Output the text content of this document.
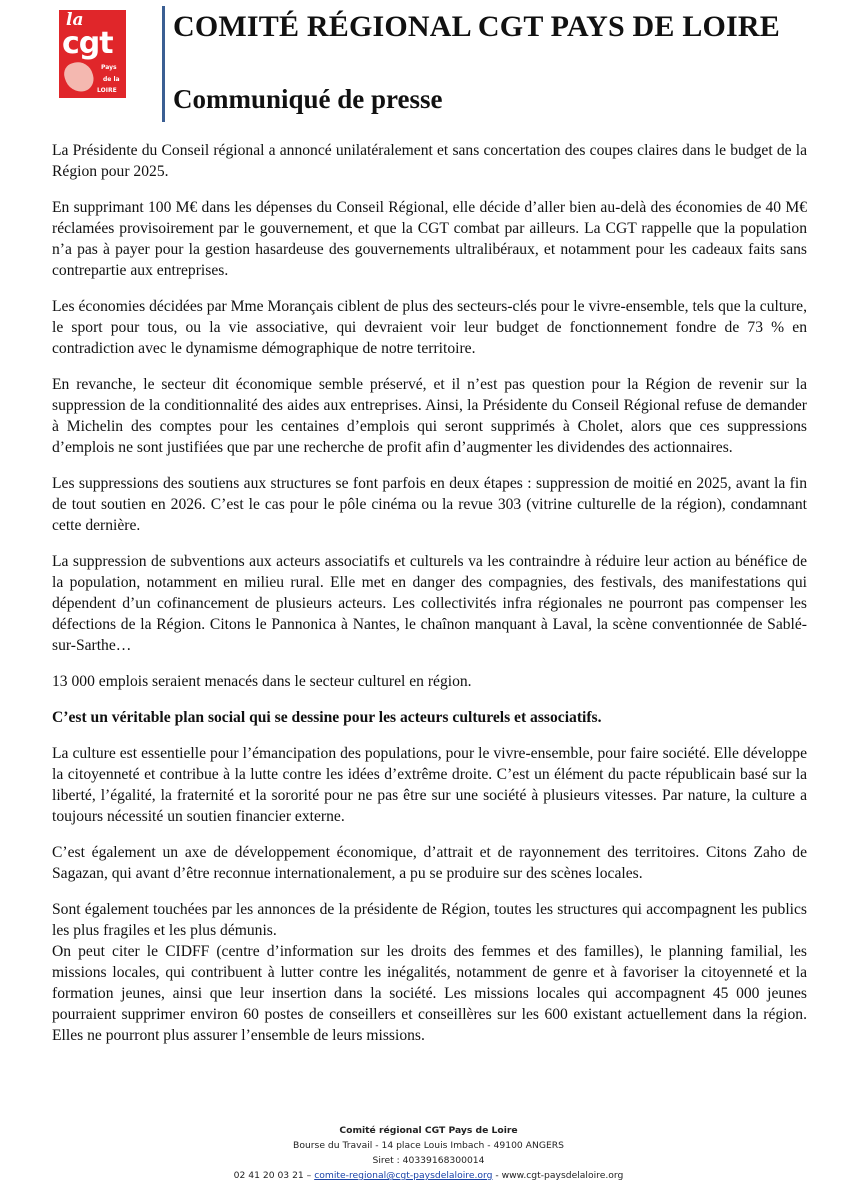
la
cgt
Pays
de la
LOIRE
COMITÉ RÉGIONAL CGT PAYS DE LOIRE
Communiqué de presse

La Présidente du Conseil régional a annoncé unilatéralement et sans concertation des coupes claires dans le budget de la Région pour 2025.

En supprimant 100 M€ dans les dépenses du Conseil Régional, elle décide d’aller bien au-delà des économies de 40 M€ réclamées provisoirement par le gouvernement, et que la CGT combat par ailleurs. La CGT rappelle que la population n’a pas à payer pour la gestion hasardeuse des gouvernements ultralibéraux, et notamment pour les cadeaux faits sans contrepartie aux entreprises.

Les économies décidées par Mme Morançais ciblent de plus des secteurs-clés pour le vivre-ensemble, tels que la culture, le sport pour tous, ou la vie associative, qui devraient voir leur budget de fonctionnement fondre de 73 % en contradiction avec le dynamisme démographique de notre territoire.

En revanche, le secteur dit économique semble préservé, et il n’est pas question pour la Région de revenir sur la suppression de la conditionnalité des aides aux entreprises. Ainsi, la Présidente du Conseil Régional refuse de demander à Michelin des comptes pour les centaines d’emplois qui seront supprimés à Cholet, alors que ces suppressions d’emplois ne sont justifiées que par une recherche de profit afin d’augmenter les dividendes des actionnaires.

Les suppressions des soutiens aux structures se font parfois en deux étapes : suppression de moitié en 2025, avant la fin de tout soutien en 2026. C’est le cas pour le pôle cinéma ou la revue 303 (vitrine culturelle de la région), condamnant cette dernière.

La suppression de subventions aux acteurs associatifs et culturels va les contraindre à réduire leur action au bénéfice de la population, notamment en milieu rural. Elle met en danger des compagnies, des festivals, des manifestations qui dépendent d’un cofinancement de plusieurs acteurs. Les collectivités infra régionales ne pourront pas compenser les défections de la Région. Citons le Pannonica à Nantes, le chaînon manquant à Laval, la scène conventionnée de Sablé-sur-Sarthe…

13 000 emplois seraient menacés dans le secteur culturel en région.

C’est un véritable plan social qui se dessine pour les acteurs culturels et associatifs.

La culture est essentielle pour l’émancipation des populations, pour le vivre-ensemble, pour faire société. Elle développe la citoyenneté et contribue à la lutte contre les idées d’extrême droite. C’est un élément du pacte républicain basé sur la liberté, l’égalité, la fraternité et la sororité pour ne pas être sur une société à plusieurs vitesses. Par nature, la culture a toujours nécessité un soutien financier externe.

C’est également un axe de développement économique, d’attrait et de rayonnement des territoires. Citons Zaho de Sagazan, qui avant d’être reconnue internationalement, a pu se produire sur des scènes locales.

Sont également touchées par les annonces de la présidente de Région, toutes les structures qui accompagnent les publics les plus fragiles et les plus démunis.

On peut citer le CIDFF (centre d’information sur les droits des femmes et des familles), le planning familial, les missions locales, qui contribuent à lutter contre les inégalités, notamment de genre et à favoriser la citoyenneté et la formation jeunes, ainsi que leur insertion dans la société. Les missions locales qui accompagnent 45 000 jeunes pourraient supprimer environ 60 postes de conseillers et conseillères sur les 600 existant actuellement dans la région. Elles ne pourront plus assurer l’ensemble de leurs missions.

Comité régional CGT Pays de Loire
Bourse du Travail - 14 place Louis Imbach - 49100 ANGERS
Siret : 40339168300014
02 41 20 03 21 – comite-regional@cgt-paysdelaloire.org - www.cgt-paysdelaloire.org
